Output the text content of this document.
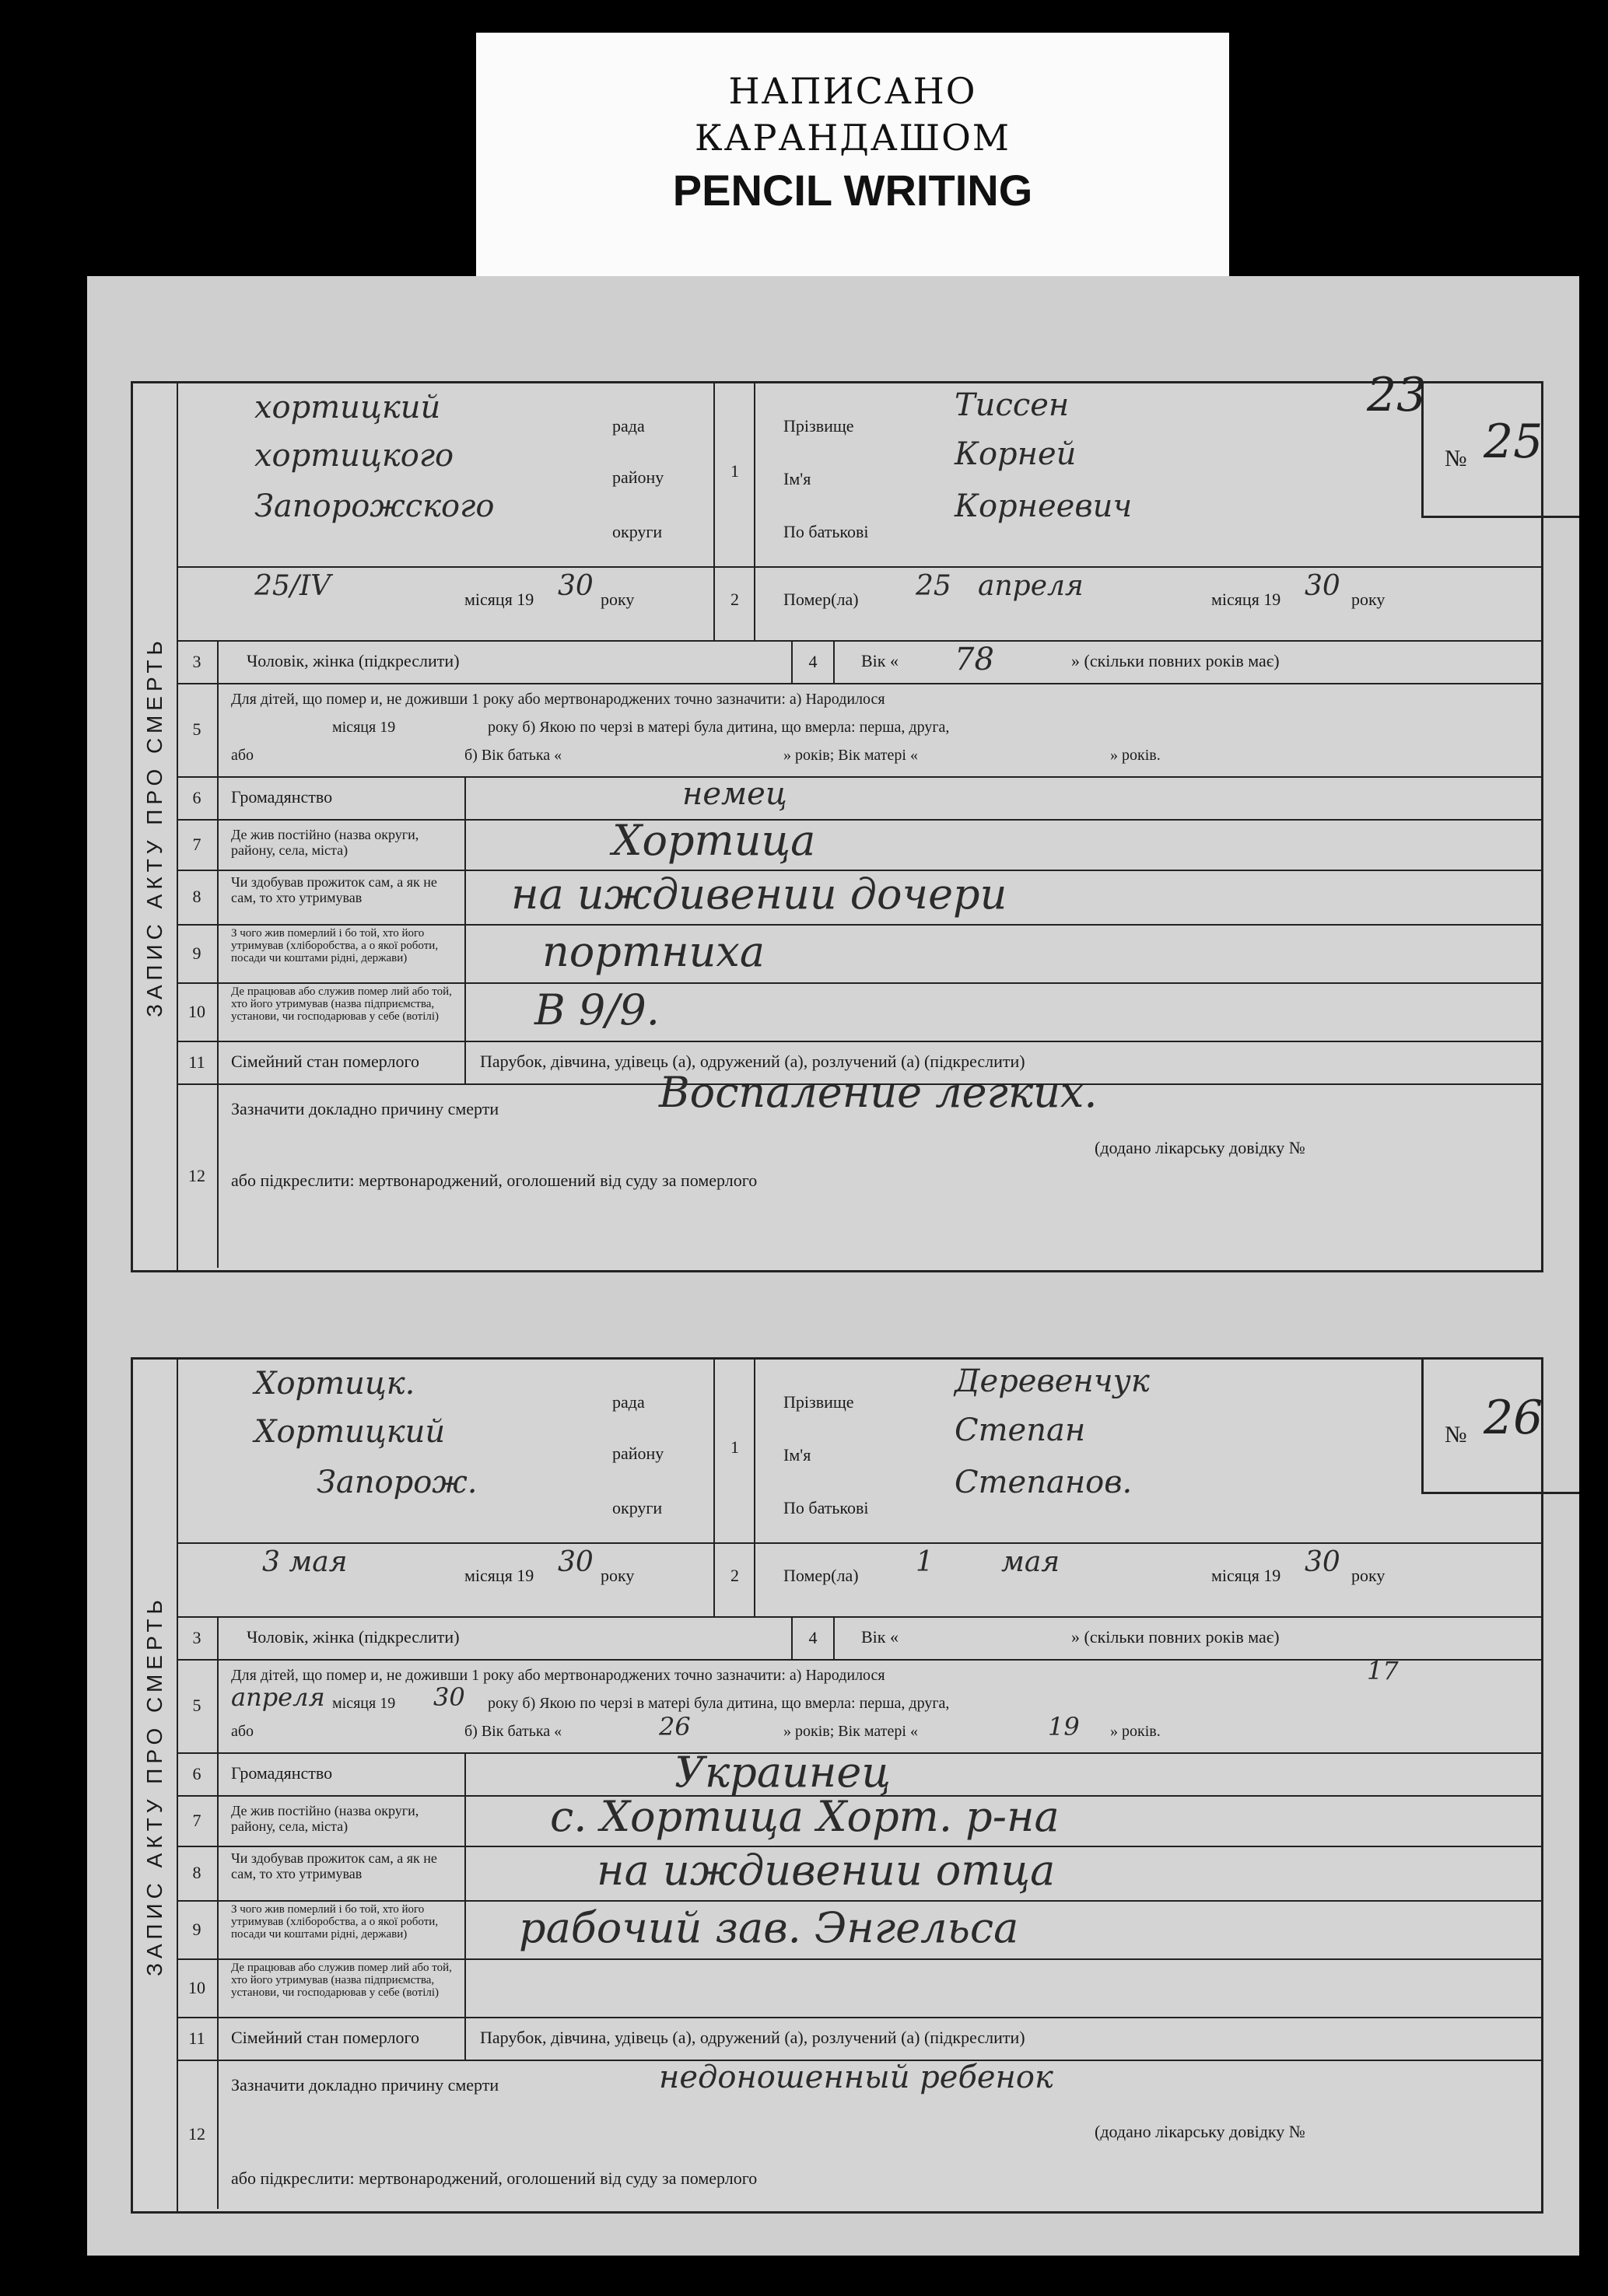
НАПИСАНО
КАРАНДАШОМ
PENCIL WRITING
ЗАПИС АКТУ ПРО СМЕРТЬ
хортицкий
рада
хортицкого
району
Запорожского
округи
1
Прізвище
Тиссен
Ім'я
Корней
По батькові
Корнеевич
23
№ 25
25/IV	місяця 19 30 року	2	Помер(ла) 25 апреля	місяця 19 30 року
3	Чоловік, жінка (підкреслити)	4	Вік « 78	» (скільки повних років має)
5
Для дітей, що помер и, не доживши 1 року або мертвонароджених точно зазначити: а) Народилося
місяця 19	року б) Якою по черзі в матері була дитина, що вмерла: перша, друга,
або	б) Вік батька «	» років; Вік матері «	» років.
6	Громадянство	немец
7	Де жив постійно (назва округи, району, села, міста)	Хортица
8
Чи здобував прожиток сам, а як не сам, то хто утримував	на иждивении дочери
9
З чого жив померлий і бо той, хто його утримував (хліборобства, а о якої роботи, посади чи коштами рідні, держави)	портниха
10
Де працював або служив помер лий або той, хто його утримував (назва підприємства, установи, чи господарював у себе (вотілі)	В 9/9.
11	Сімейний стан померлого	Парубок, дівчина, удівець (а), одружений (а), розлучений (а) (підкреслити)
12
Зазначити докладно причину смерти	Воспаление легких.
(додано лікарську довідку №
або підкреслити: мертвонароджений, оголошений від суду за померлого
ЗАПИС АКТУ ПРО СМЕРТЬ
Хортицк.
рада
Хортицкий
району
Запорож.
округи
1
Прізвище
Деревенчук
Ім'я
Степан
По батькові
Степанов.
№ 26
3 мая	місяця 19 30 року	2	Помер(ла) 1 мая	місяця 19 30 року
3	Чоловік, жінка (підкреслити)	4	Вік «	» (скільки повних років має)
5
Для дітей, що помер и, не доживши 1 року або мертвонароджених точно зазначити: а) Народилося	17
апреля місяця 19 30 року б) Якою по черзі в матері була дитина, що вмерла: перша, друга,
або	б) Вік батька «	26	» років; Вік матері «	19 » років.
6	Громадянство	Украинец
7	Де жив постійно (назва округи, району, села, міста)	с. Хортица Хорт. р-на
8
Чи здобував прожиток сам, а як не сам, то хто утримував	на иждивении отца
9
З чого жив померлий і бо той, хто його утримував (хліборобства, а о якої роботи, посади чи коштами рідні, держави)	рабочий зав. Энгельса
10
Де працював або служив помер лий або той, хто його утримував (назва підприємства, установи, чи господарював у себе (вотілі)
11	Сімейний стан померлого	Парубок, дівчина, удівець (а), одружений (а), розлучений (а) (підкреслити)
12
Зазначити докладно причину смерти	недоношенный ребенок
(додано лікарську довідку №
або підкреслити: мертвонароджений, оголошений від суду за померлого
